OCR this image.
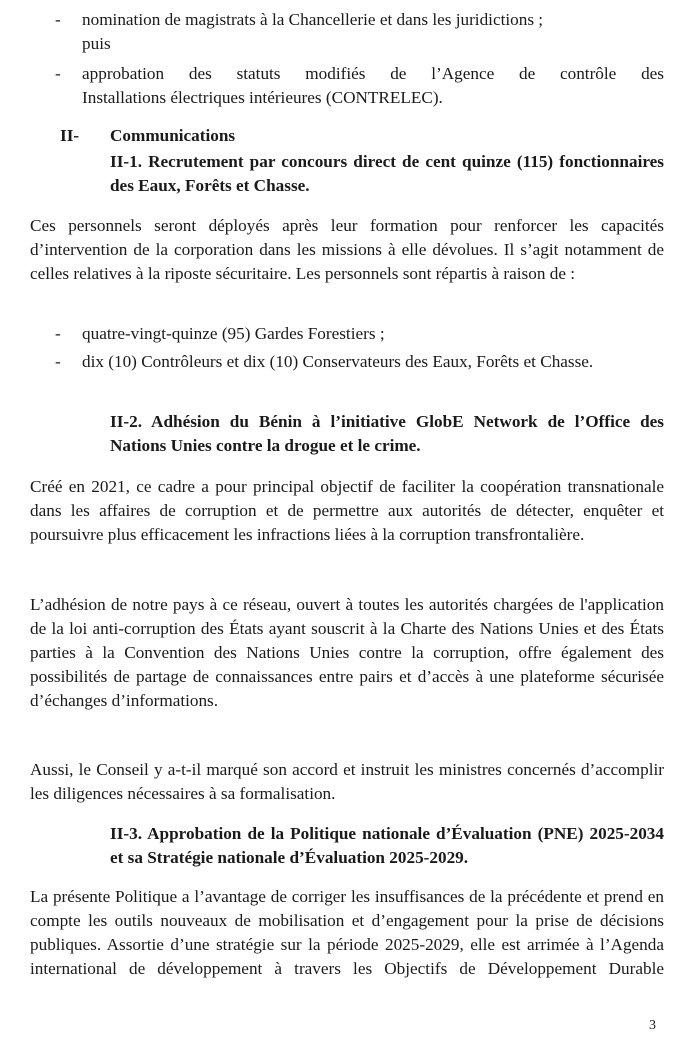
- nomination de magistrats à la Chancellerie et dans les juridictions ;
puis
- approbation des statuts modifiés de l’Agence de contrôle des
Installations électriques intérieures (CONTRELEC).
II- Communications
II-1. Recrutement par concours direct de cent quinze (115) fonctionnaires des Eaux, Forêts et Chasse.

Ces personnels seront déployés après leur formation pour renforcer les capacités d’intervention de la corporation dans les missions à elle dévolues. Il s’agit notamment de celles relatives à la riposte sécuritaire. Les personnels sont répartis à raison de :

- quatre-vingt-quinze (95) Gardes Forestiers ;
- dix (10) Contrôleurs et dix (10) Conservateurs des Eaux, Forêts et Chasse.
II-2. Adhésion du Bénin à l’initiative GlobE Network de l’Office des Nations Unies contre la drogue et le crime.

Créé en 2021, ce cadre a pour principal objectif de faciliter la coopération transnationale dans les affaires de corruption et de permettre aux autorités de détecter, enquêter et poursuivre plus efficacement les infractions liées à la corruption transfrontalière.

L’adhésion de notre pays à ce réseau, ouvert à toutes les autorités chargées de l'application de la loi anti-corruption des États ayant souscrit à la Charte des Nations Unies et des États parties à la Convention des Nations Unies contre la corruption, offre également des possibilités de partage de connaissances entre pairs et d’accès à une plateforme sécurisée d’échanges d’informations.

Aussi, le Conseil y a-t-il marqué son accord et instruit les ministres concernés d’accomplir les diligences nécessaires à sa formalisation.

II-3. Approbation de la Politique nationale d’Évaluation (PNE) 2025-2034 et sa Stratégie nationale d’Évaluation 2025-2029.

La présente Politique a l’avantage de corriger les insuffisances de la précédente et prend en compte les outils nouveaux de mobilisation et d’engagement pour la prise de décisions publiques. Assortie d’une stratégie sur la période 2025-2029, elle est arrimée à l’Agenda international de développement à travers les Objectifs de Développement Durable

3
